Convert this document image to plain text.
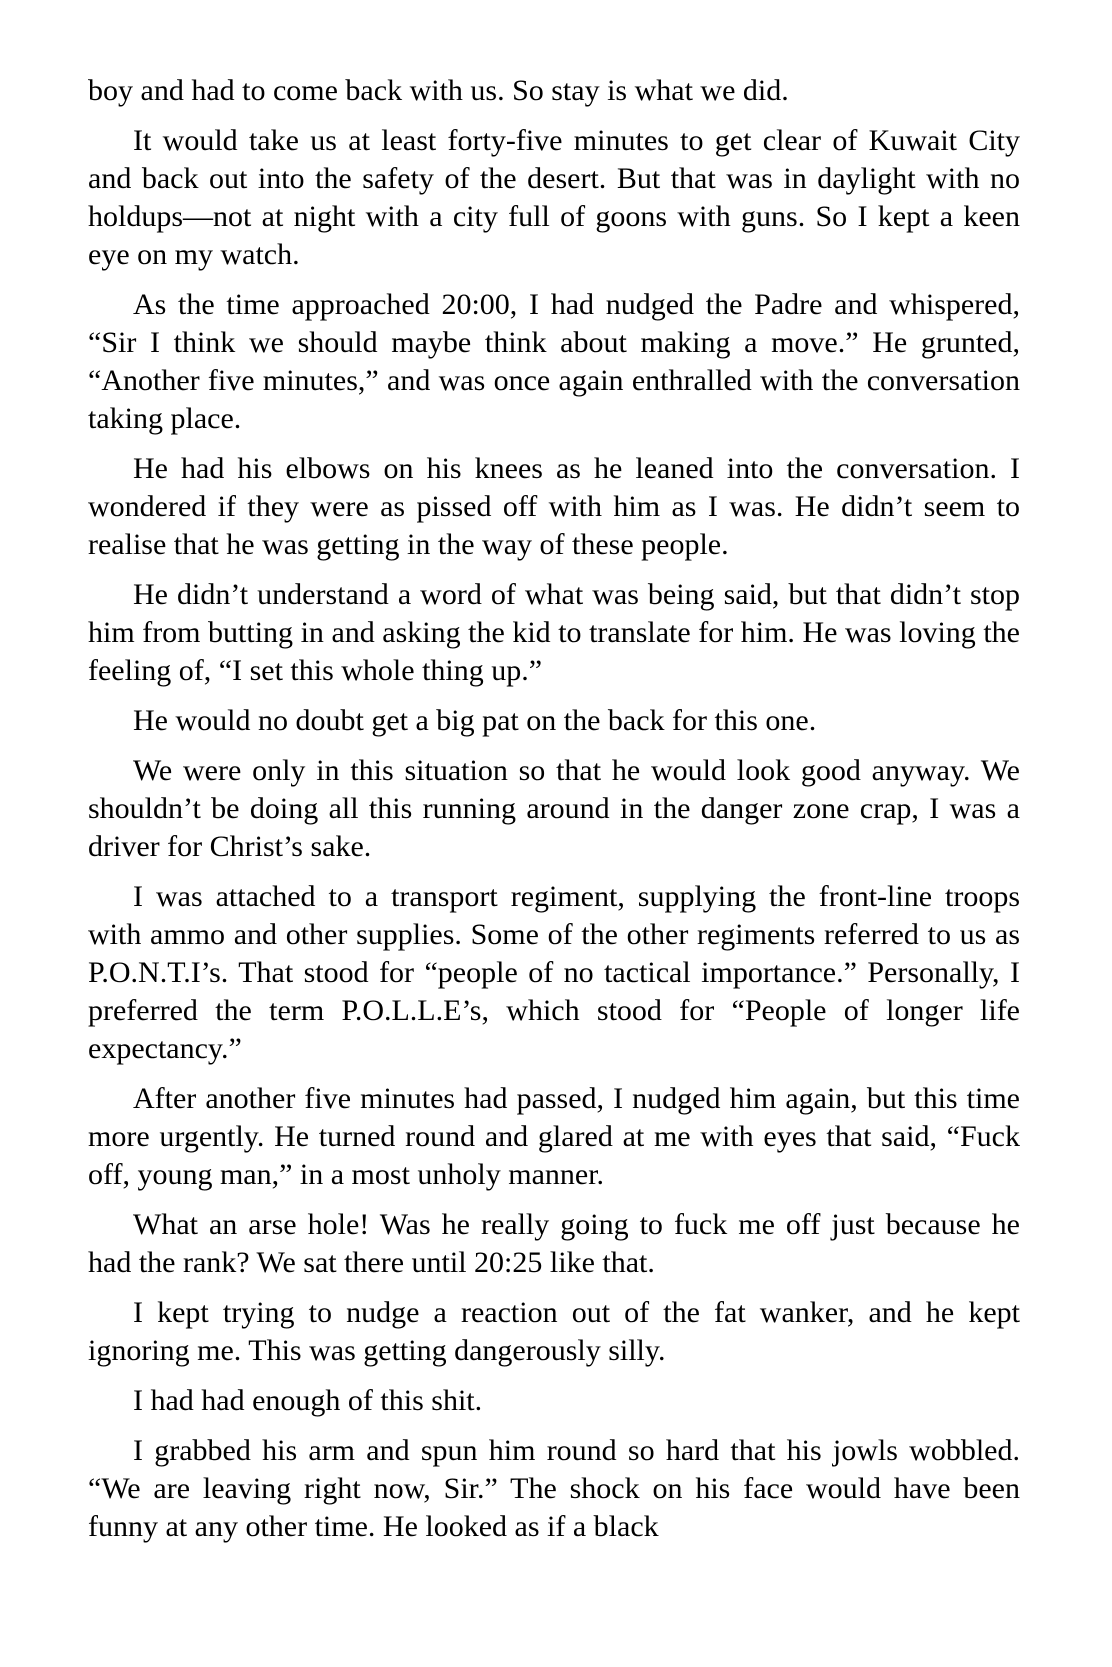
boy and had to come back with us. So stay is what we did.

It would take us at least forty-five minutes to get clear of Kuwait City and back out into the safety of the desert. But that was in daylight with no holdups—not at night with a city full of goons with guns. So I kept a keen eye on my watch.

As the time approached 20:00, I had nudged the Padre and whispered, “Sir I think we should maybe think about making a move.” He grunted, “Another five minutes,” and was once again enthralled with the conversation taking place.

He had his elbows on his knees as he leaned into the conversation. I wondered if they were as pissed off with him as I was. He didn’t seem to realise that he was getting in the way of these people.

He didn’t understand a word of what was being said, but that didn’t stop him from butting in and asking the kid to translate for him. He was loving the feeling of, “I set this whole thing up.”

He would no doubt get a big pat on the back for this one.

We were only in this situation so that he would look good anyway. We shouldn’t be doing all this running around in the danger zone crap, I was a driver for Christ’s sake.

I was attached to a transport regiment, supplying the front-line troops with ammo and other supplies. Some of the other regiments referred to us as P.O.N.T.I’s. That stood for “people of no tactical importance.” Personally, I preferred the term P.O.L.L.E’s, which stood for “People of longer life expectancy.”

After another five minutes had passed, I nudged him again, but this time more urgently. He turned round and glared at me with eyes that said, “Fuck off, young man,” in a most unholy manner.

What an arse hole! Was he really going to fuck me off just because he had the rank? We sat there until 20:25 like that.

I kept trying to nudge a reaction out of the fat wanker, and he kept ignoring me. This was getting dangerously silly.

I had had enough of this shit.

I grabbed his arm and spun him round so hard that his jowls wobbled. “We are leaving right now, Sir.” The shock on his face would have been funny at any other time. He looked as if a black
